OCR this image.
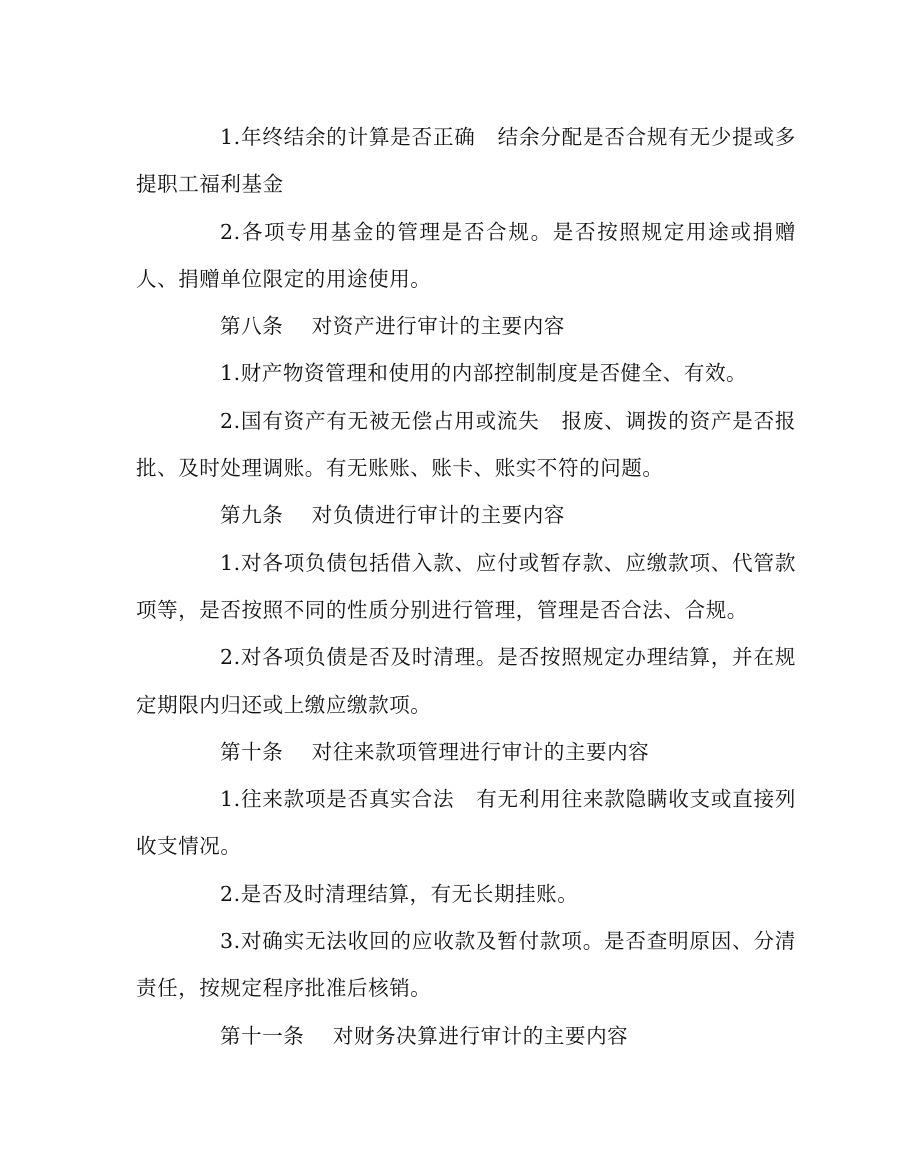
1.年终结余的计算是否正确   结余分配是否合规有无少提或多提职工福利基金

2.各项专用基金的管理是否合规。是否按照规定用途或捐赠人、捐赠单位限定的用途使用。

第八条    对资产进行审计的主要内容

1.财产物资管理和使用的内部控制制度是否健全、有效。

2.国有资产有无被无偿占用或流失   报废、调拨的资产是否报批、及时处理调账。有无账账、账卡、账实不符的问题。

第九条    对负债进行审计的主要内容

1.对各项负债包括借入款、应付或暂存款、应缴款项、代管款项等，是否按照不同的性质分别进行管理，管理是否合法、合规。

2.对各项负债是否及时清理。是否按照规定办理结算，并在规定期限内归还或上缴应缴款项。

第十条    对往来款项管理进行审计的主要内容

1.往来款项是否真实合法   有无利用往来款隐瞒收支或直接列收支情况。

2.是否及时清理结算，有无长期挂账。

3.对确实无法收回的应收款及暂付款项。是否查明原因、分清责任，按规定程序批准后核销。

第十一条    对财务决算进行审计的主要内容
